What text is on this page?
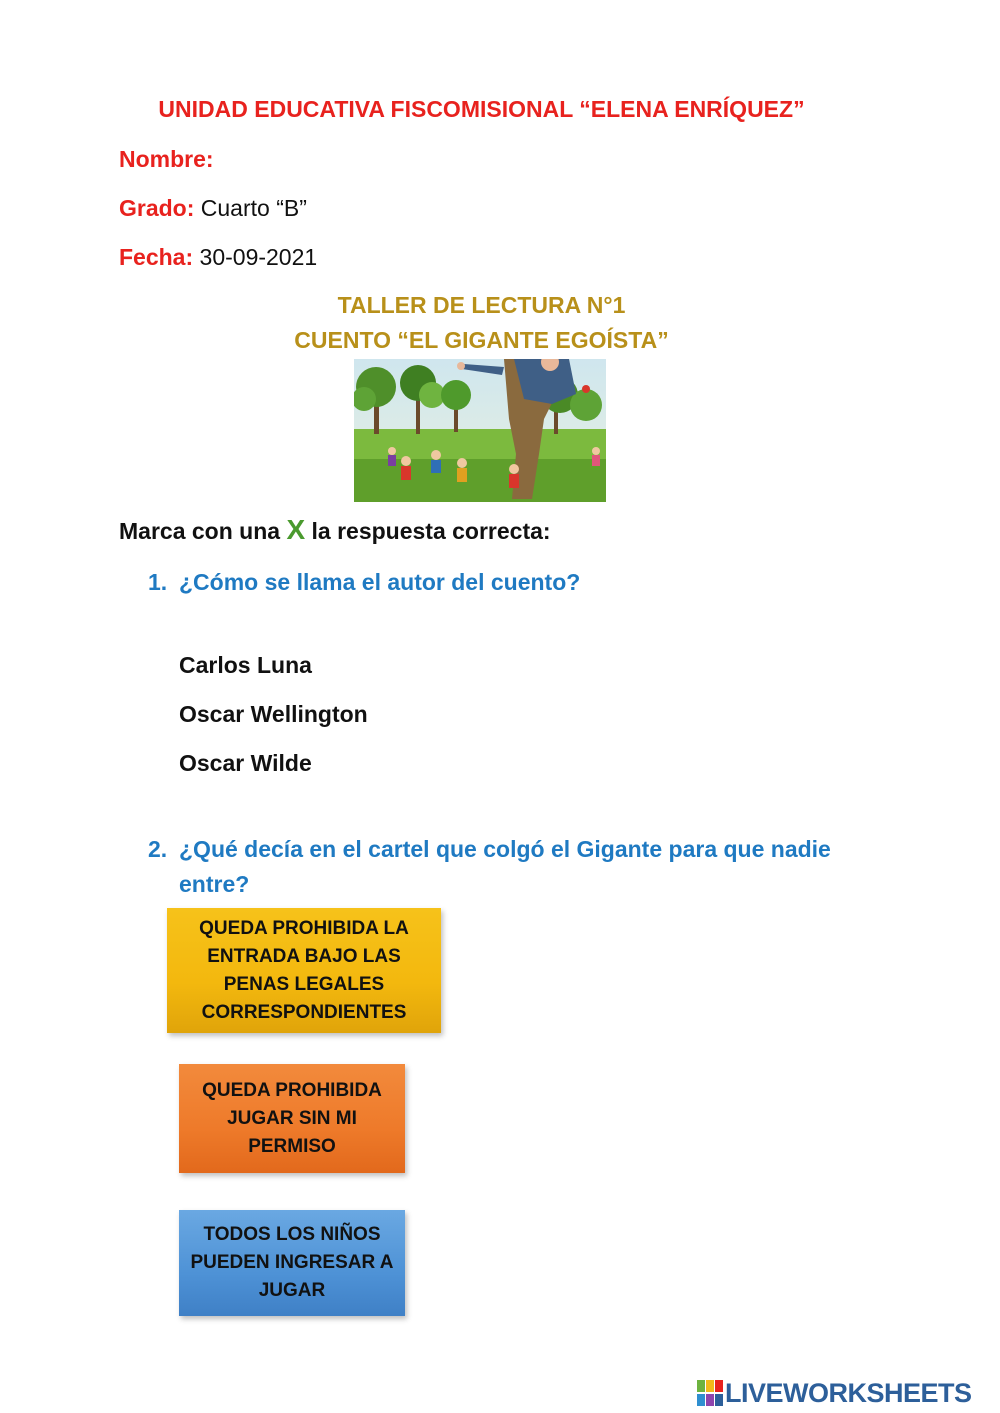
UNIDAD EDUCATIVA FISCOMISIONAL “ELENA ENRÍQUEZ”
Nombre:
Grado: Cuarto “B”
Fecha: 30-09-2021
TALLER DE LECTURA N°1
CUENTO “EL GIGANTE EGOÍSTA”
Marca con una X la respuesta correcta:
1. ¿Cómo se llama el autor del cuento?
Carlos Luna
Oscar Wellington
Oscar Wilde
2. ¿Qué decía en el cartel que colgó el Gigante para que nadie entre?
QUEDA PROHIBIDA LA ENTRADA BAJO LAS PENAS LEGALES CORRESPONDIENTES
QUEDA PROHIBIDA JUGAR SIN MI PERMISO
TODOS LOS NIÑOS PUEDEN INGRESAR A JUGAR
LIVEWORKSHEETS
